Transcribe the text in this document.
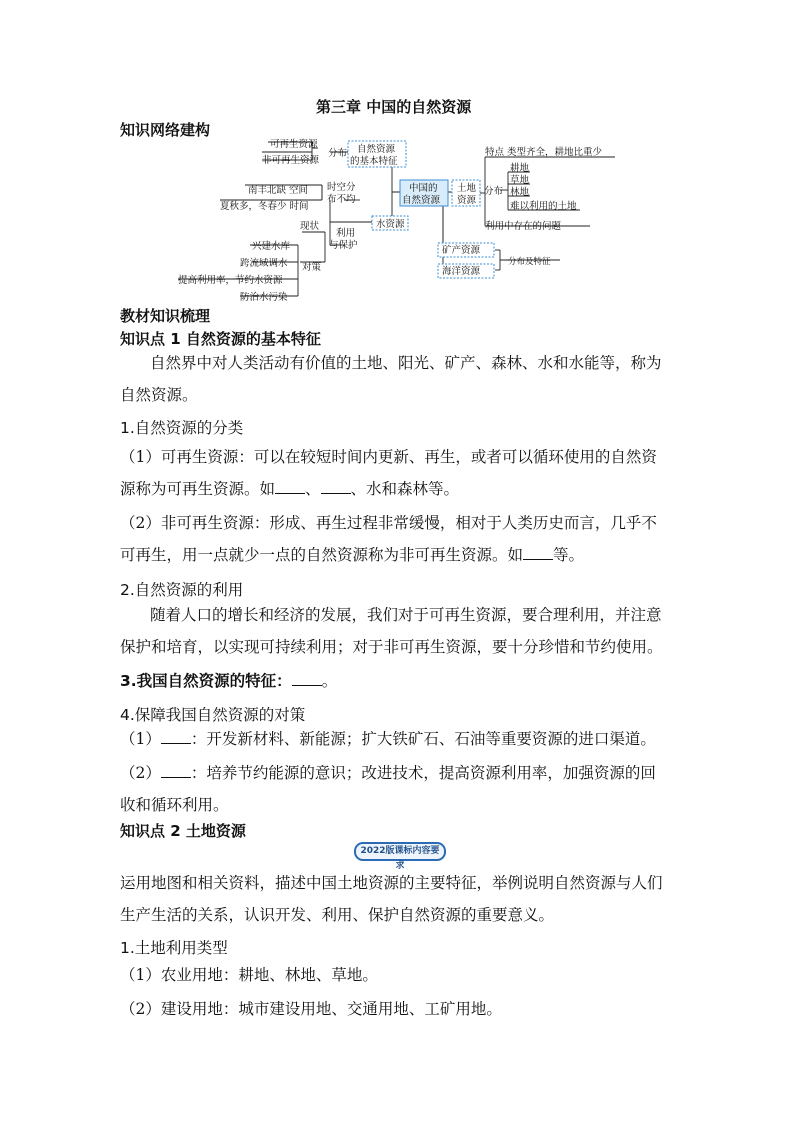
第三章 中国的自然资源
知识网络建构
可再生资源
非可再生资源
分布 自然资源
的基本特征
中国的
自然资源
土地
资源
特点 类型齐全，耕地比重少
分布
耕地
草地
林地
难以利用的土地
利用中存在的问题
水资源
时空分
布不均
南丰北缺 空间
夏秋多，冬春少 时间
利用
与保护
现状
对策
兴建水库
跨流域调水
提高利用率，节约水资源
防治水污染
矿产资源
海洋资源
分布及特征
教材知识梳理
知识点 1 自然资源的基本特征
自然界中对人类活动有价值的土地、阳光、矿产、森林、水和水能等，称为
自然资源。
1.自然资源的分类
（1）可再生资源：可以在较短时间内更新、再生，或者可以循环使用的自然资
源称为可再生资源。如 、 、水和森林等。
（2）非可再生资源：形成、再生过程非常缓慢，相对于人类历史而言，几乎不
可再生，用一点就少一点的自然资源称为非可再生资源。如 等。
2.自然资源的利用
随着人口的增长和经济的发展，我们对于可再生资源，要合理利用，并注意
保护和培育，以实现可持续利用；对于非可再生资源，要十分珍惜和节约使用。
3.我国自然资源的特征： 。
4.保障我国自然资源的对策
（1） ：开发新材料、新能源；扩大铁矿石、石油等重要资源的进口渠道。
（2） ：培养节约能源的意识；改进技术，提高资源利用率，加强资源的回
收和循环利用。
知识点 2 土地资源
2022版课标内容要求
运用地图和相关资料，描述中国土地资源的主要特征，举例说明自然资源与人们
生产生活的关系，认识开发、利用、保护自然资源的重要意义。
1.土地利用类型
（1）农业用地：耕地、林地、草地。
（2）建设用地：城市建设用地、交通用地、工矿用地。
